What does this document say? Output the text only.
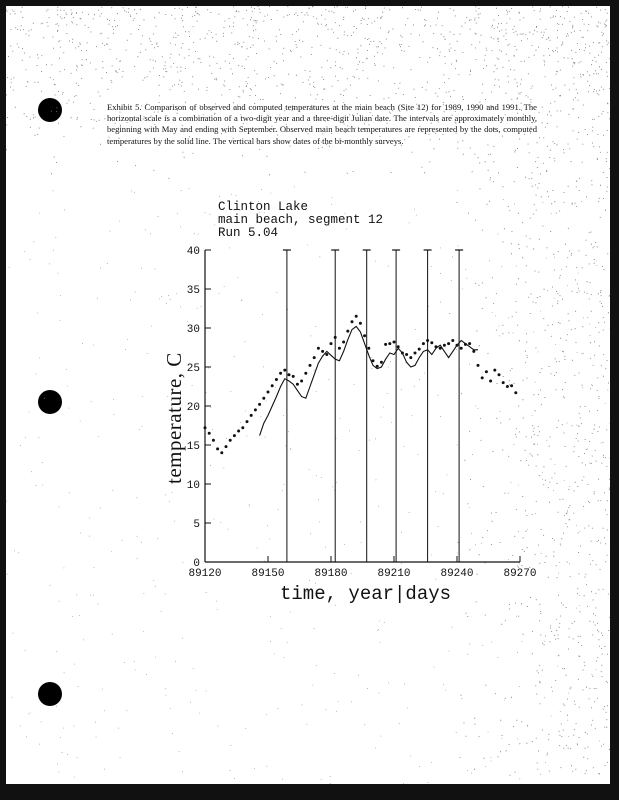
Exhibit 5. Comparison of observed and computed temperatures at the main beach (Site 12) for 1989, 1990 and 1991. The horizontal scale is a combination of a two-digit year and a three-digit Julian date. The intervals are approximately monthly, beginning with May and ending with September. Observed main beach temperatures are represented by the dots, computed temperatures by the solid line. The vertical bars show dates of the bi-monthly surveys.
Clinton Lake
main beach, segment 12
Run 5.04
0
5
10
15
20
25
30
35
40
89120	89150	89180	89210	89240	89270
temperature, C
time, year|days
